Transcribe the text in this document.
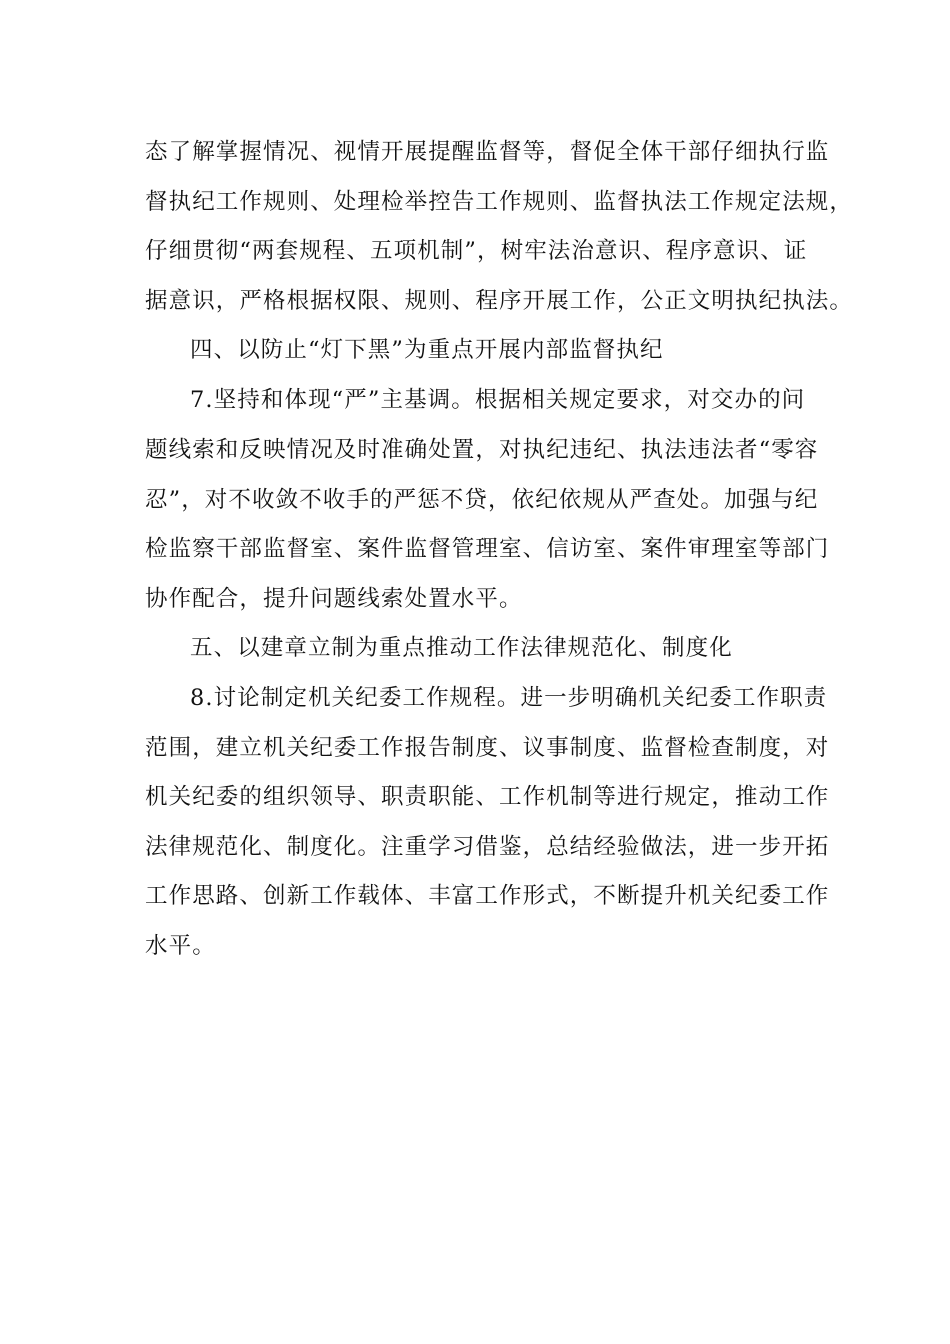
态了解掌握情况、视情开展提醒监督等，督促全体干部仔细执行监
督执纪工作规则、处理检举控告工作规则、监督执法工作规定法规，
仔细贯彻“两套规程、五项机制”，树牢法治意识、程序意识、证
据意识，严格根据权限、规则、程序开展工作，公正文明执纪执法。
四、以防止“灯下黑”为重点开展内部监督执纪
7.坚持和体现“严”主基调。根据相关规定要求，对交办的问
题线索和反映情况及时准确处置，对执纪违纪、执法违法者“零容
忍”，对不收敛不收手的严惩不贷，依纪依规从严查处。加强与纪
检监察干部监督室、案件监督管理室、信访室、案件审理室等部门
协作配合，提升问题线索处置水平。
五、以建章立制为重点推动工作法律规范化、制度化
8.讨论制定机关纪委工作规程。进一步明确机关纪委工作职责
范围，建立机关纪委工作报告制度、议事制度、监督检查制度，对
机关纪委的组织领导、职责职能、工作机制等进行规定，推动工作
法律规范化、制度化。注重学习借鉴，总结经验做法，进一步开拓
工作思路、创新工作载体、丰富工作形式，不断提升机关纪委工作
水平。
